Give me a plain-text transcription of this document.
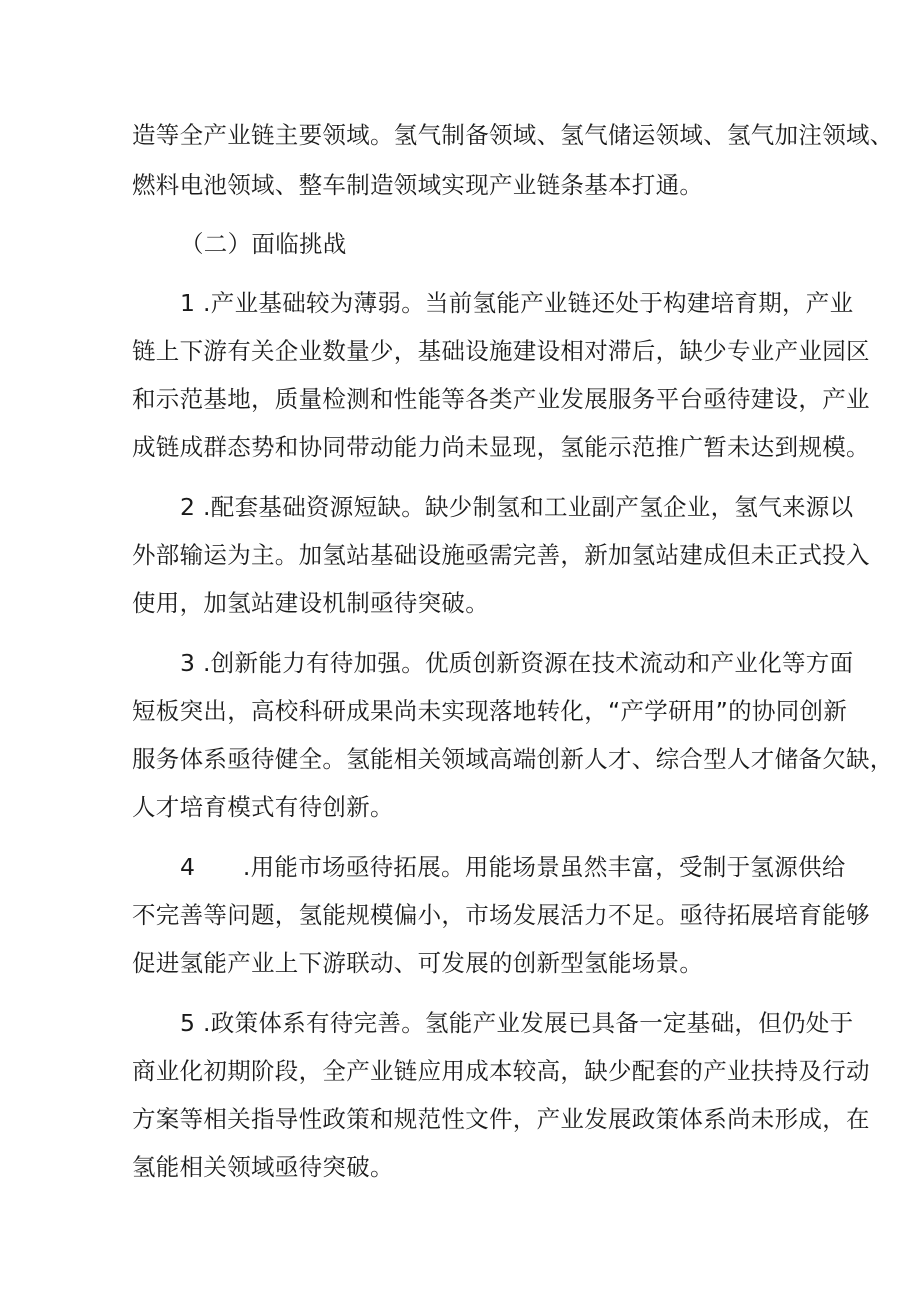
造等全产业链主要领域。氢气制备领域、氢气储运领域、氢气加注领域、
燃料电池领域、整车制造领域实现产业链条基本打通。
（二）面临挑战
1 .产业基础较为薄弱。当前氢能产业链还处于构建培育期，产业
链上下游有关企业数量少，基础设施建设相对滞后，缺少专业产业园区
和示范基地，质量检测和性能等各类产业发展服务平台亟待建设，产业
成链成群态势和协同带动能力尚未显现，氢能示范推广暂未达到规模。
2 .配套基础资源短缺。缺少制氢和工业副产氢企业，氢气来源以
外部输运为主。加氢站基础设施亟需完善，新加氢站建成但未正式投入
使用，加氢站建设机制亟待突破。
3 .创新能力有待加强。优质创新资源在技术流动和产业化等方面
短板突出，高校科研成果尚未实现落地转化，“产学研用”的协同创新
服务体系亟待健全。氢能相关领域高端创新人才、综合型人才储备欠缺，
人才培育模式有待创新。
4　　.用能市场亟待拓展。用能场景虽然丰富，受制于氢源供给
不完善等问题，氢能规模偏小，市场发展活力不足。亟待拓展培育能够
促进氢能产业上下游联动、可发展的创新型氢能场景。
5 .政策体系有待完善。氢能产业发展已具备一定基础，但仍处于
商业化初期阶段，全产业链应用成本较高，缺少配套的产业扶持及行动
方案等相关指导性政策和规范性文件，产业发展政策体系尚未形成，在
氢能相关领域亟待突破。
